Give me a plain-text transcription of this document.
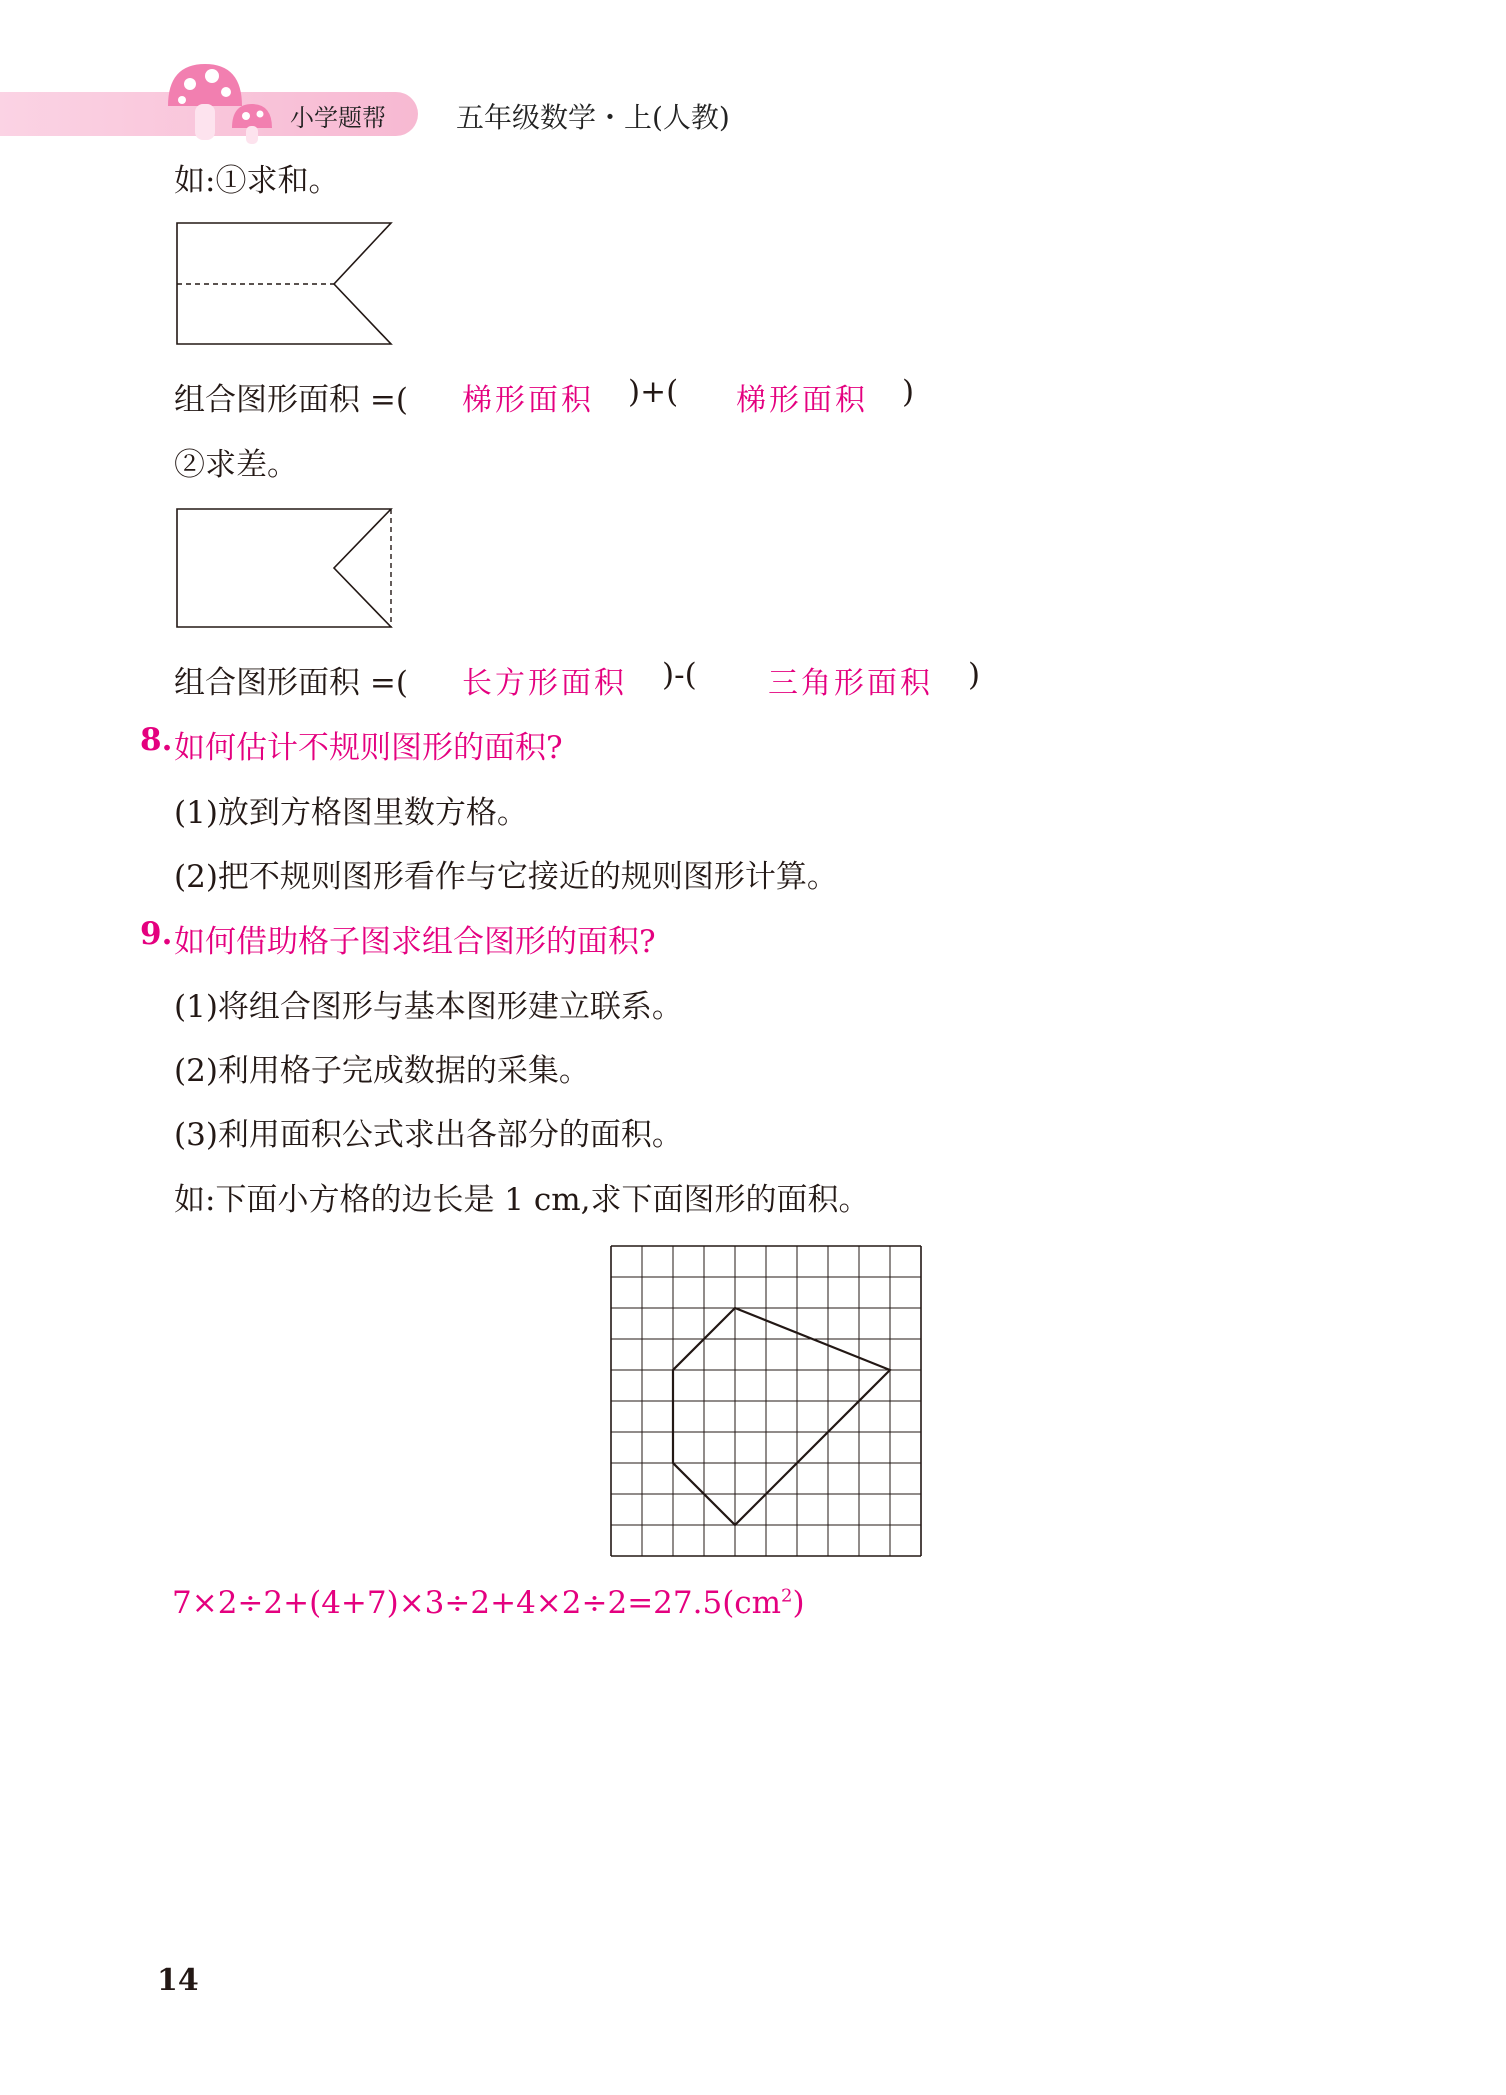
小学题帮	五年级数学・上(人教)
如:①求和。
组合图形面积 =( 梯形面积 )+( 梯形面积 )
②求差。
组合图形面积 =( 长方形面积 )-( 三角形面积 )
8. 如何估计不规则图形的面积?
(1)放到方格图里数方格。
(2)把不规则图形看作与它接近的规则图形计算。
9. 如何借助格子图求组合图形的面积?
(1)将组合图形与基本图形建立联系。
(2)利用格子完成数据的采集。
(3)利用面积公式求出各部分的面积。
如:下面小方格的边长是 1 cm,求下面图形的面积。
$7\times 2\div 2+(4+7)\times 3\div 2+4\times 2\div 2=27.5(cm^2)$
14
